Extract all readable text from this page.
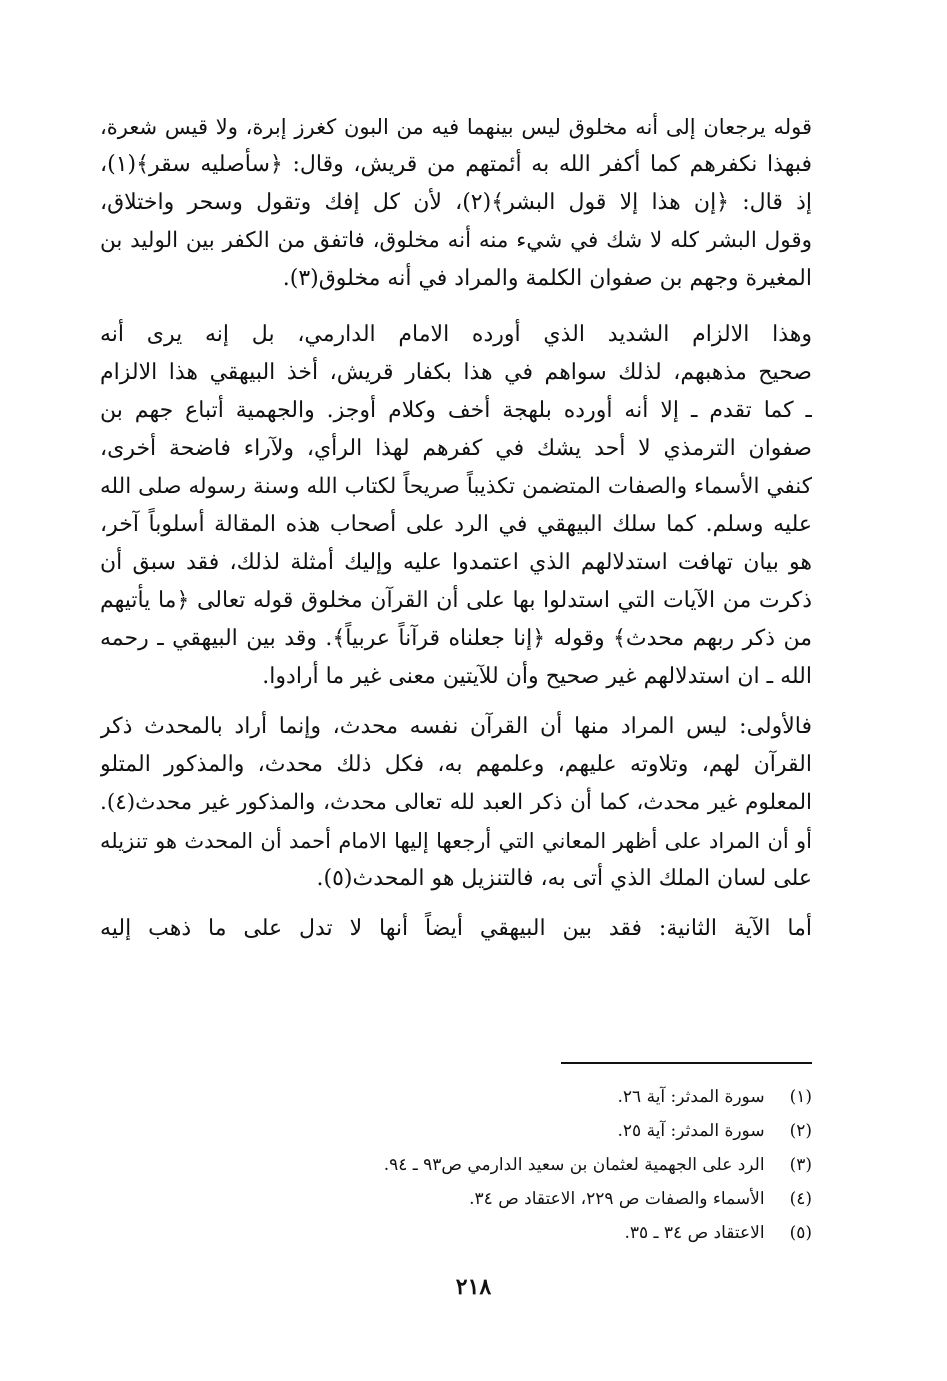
قوله يرجعان إلى أنه مخلوق ليس بينهما فيه من البون كغرز إبرة، ولا قيس شعرة،
فبهذا نكفرهم كما أكفر الله به أئمتهم من قريش، وقال: ﴿سأصليه سقر﴾(١)،
إذ قال: ﴿إن هذا إلا قول البشر﴾(٢)، لأن كل إفك وتقول وسحر واختلاق،
وقول البشر كله لا شك في شيء منه أنه مخلوق، فاتفق من الكفر بين الوليد بن
المغيرة وجهم بن صفوان الكلمة والمراد في أنه مخلوق(٣).
وهذا الالزام الشديد الذي أورده الامام الدارمي، بل إنه يرى أنه
صحيح مذهبهم، لذلك سواهم في هذا بكفار قريش، أخذ البيهقي هذا الالزام
ـ كما تقدم ـ إلا أنه أورده بلهجة أخف وكلام أوجز. والجهمية أتباع جهم بن
صفوان الترمذي لا أحد يشك في كفرهم لهذا الرأي، ولآراء فاضحة أخرى،
كنفي الأسماء والصفات المتضمن تكذيباً صريحاً لكتاب الله وسنة رسوله صلى الله
عليه وسلم. كما سلك البيهقي في الرد على أصحاب هذه المقالة أسلوباً آخر،
هو بيان تهافت استدلالهم الذي اعتمدوا عليه وإليك أمثلة لذلك، فقد سبق أن
ذكرت من الآيات التي استدلوا بها على أن القرآن مخلوق قوله تعالى ﴿ما يأتيهم
من ذكر ربهم محدث﴾ وقوله ﴿إنا جعلناه قرآناً عربياً﴾. وقد بين البيهقي ـ رحمه
الله ـ ان استدلالهم غير صحيح وأن للآيتين معنى غير ما أرادوا.
فالأولى: ليس المراد منها أن القرآن نفسه محدث، وإنما أراد بالمحدث ذكر
القرآن لهم، وتلاوته عليهم، وعلمهم به، فكل ذلك محدث، والمذكور المتلو
المعلوم غير محدث، كما أن ذكر العبد لله تعالى محدث، والمذكور غير محدث(٤).
أو أن المراد على أظهر المعاني التي أرجعها إليها الامام أحمد أن المحدث هو تنزيله
على لسان الملك الذي أتى به، فالتنزيل هو المحدث(٥).
أما الآية الثانية: فقد بين البيهقي أيضاً أنها لا تدل على ما ذهب إليه
(١) سورة المدثر: آية ٢٦.
(٢) سورة المدثر: آية ٢٥.
(٣) الرد على الجهمية لعثمان بن سعيد الدارمي ص٩٣ ـ ٩٤.
(٤) الأسماء والصفات ص ٢٢٩، الاعتقاد ص ٣٤.
(٥) الاعتقاد ص ٣٤ ـ ٣٥.
٢١٨
